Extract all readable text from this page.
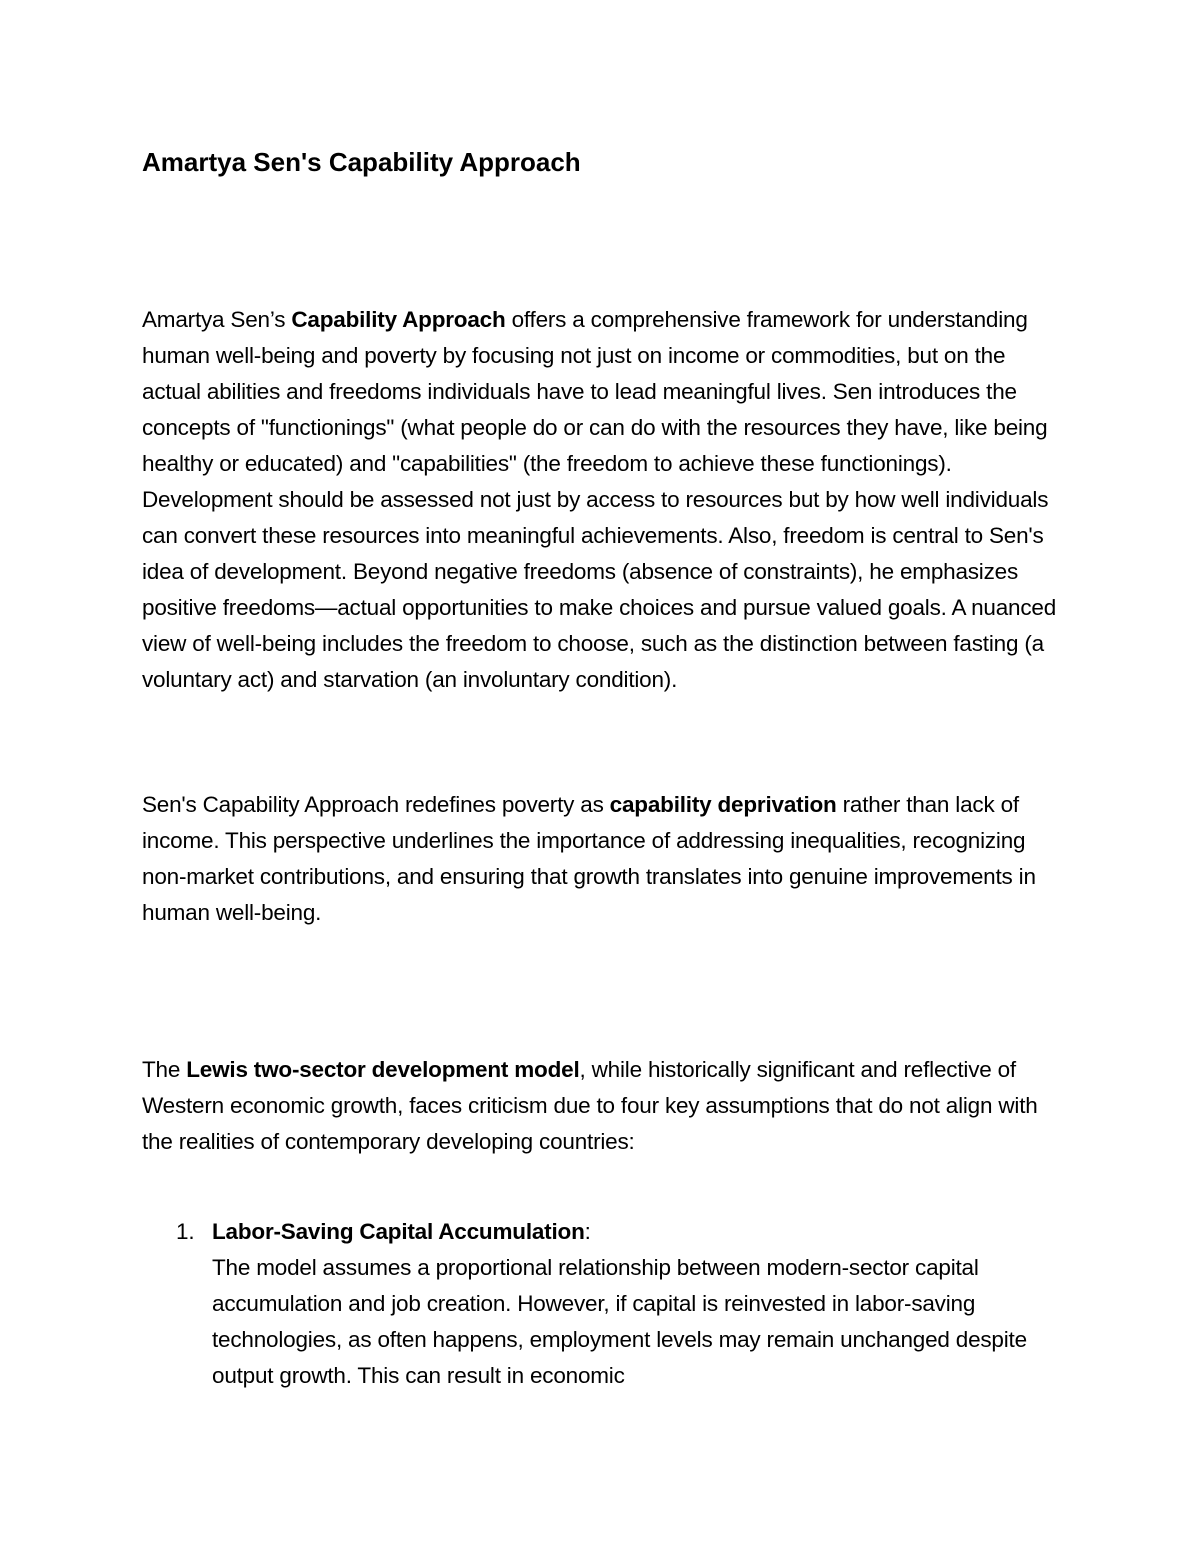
Amartya Sen's Capability Approach

Amartya Sen’s Capability Approach offers a comprehensive framework for understanding human well-being and poverty by focusing not just on income or commodities, but on the actual abilities and freedoms individuals have to lead meaningful lives. Sen introduces the concepts of "functionings" (what people do or can do with the resources they have, like being healthy or educated) and "capabilities" (the freedom to achieve these functionings). Development should be assessed not just by access to resources but by how well individuals can convert these resources into meaningful achievements. Also, freedom is central to Sen's idea of development. Beyond negative freedoms (absence of constraints), he emphasizes positive freedoms—actual opportunities to make choices and pursue valued goals. A nuanced view of well-being includes the freedom to choose, such as the distinction between fasting (a voluntary act) and starvation (an involuntary condition).

Sen's Capability Approach redefines poverty as capability deprivation rather than lack of income. This perspective underlines the importance of addressing inequalities, recognizing non-market contributions, and ensuring that growth translates into genuine improvements in human well-being.

The Lewis two-sector development model, while historically significant and reflective of Western economic growth, faces criticism due to four key assumptions that do not align with the realities of contemporary developing countries:

1. Labor-Saving Capital Accumulation:
The model assumes a proportional relationship between modern-sector capital accumulation and job creation. However, if capital is reinvested in labor-saving technologies, as often happens, employment levels may remain unchanged despite output growth. This can result in economic
